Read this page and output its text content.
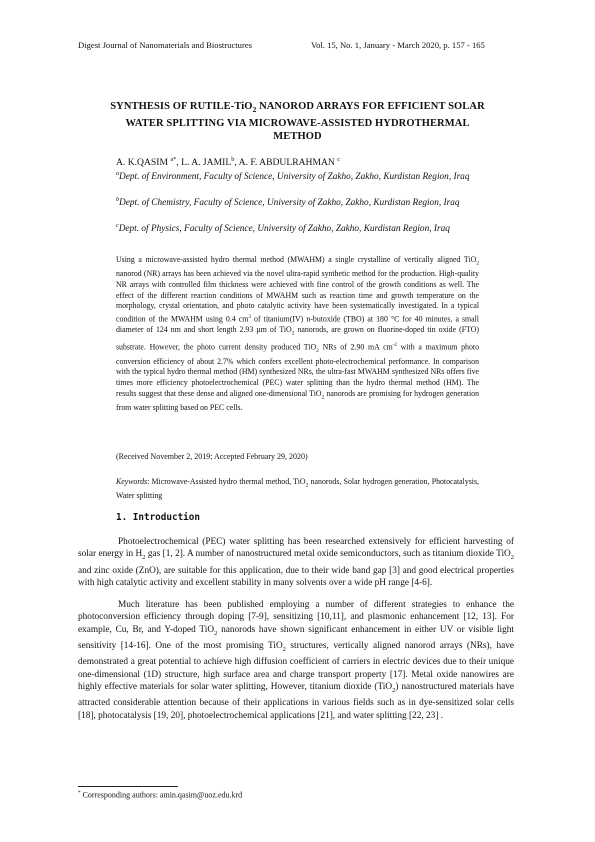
Digest Journal of Nanomaterials and Biostructures	Vol. 15, No. 1, January - March 2020, p. 157 - 165
SYNTHESIS OF RUTILE-TiO$_2$ NANOROD ARRAYS FOR EFFICIENT SOLAR
WATER SPLITTING VIA MICROWAVE-ASSISTED HYDROTHERMAL
METHOD
A. K.QASIM $^{a*}$, L. A. JAMIL$^b$, A. F. ABDULRAHMAN $^c$
$^a$Dept. of Environment, Faculty of Science, University of Zakho, Zakho, Kurdistan Region, Iraq
$^b$Dept. of Chemistry, Faculty of Science, University of Zakho, Zakho, Kurdistan Region, Iraq
$^c$Dept. of Physics, Faculty of Science, University of Zakho, Zakho, Kurdistan Region, Iraq
Using a microwave-assisted hydro thermal method (MWAHM) a single crystalline of vertically aligned TiO$_2$ nanorod (NR) arrays has been achieved via the novel ultra-rapid synthetic method for the production. High-quality NR arrays with controlled film thickness were achieved with fine control of the growth conditions as well. The effect of the different reaction conditions of MWAHM such as reaction time and growth temperature on the morphology, crystal orientation, and photo catalytic activity have been systematically investigated. In a typical condition of the MWAHM using 0.4 $cm^3$ of titanium(IV) n-butoxide (TBO) at 180 °C for 40 minutes, a small diameter of 124 nm and short length 2.93 µm of TiO$_2$ nanorods, are grown on fluorine-doped tin oxide (FTO) substrate. However, the photo current density produced TiO$_2$ NRs of 2.90 mA $cm^{-2}$ with a maximum photo conversion efficiency of about 2.7% which confers excellent photo-electrochemical performance. In comparison with the typical hydro thermal method (HM) synthesized NRs, the ultra-fast MWAHM synthesized NRs offers five times more efficiency photoelectrochemical (PEC) water splitting than the hydro thermal method (HM). The results suggest that these dense and aligned one-dimensional TiO$_2$ nanorods are promising for hydrogen generation from water splitting based on PEC cells.
(Received November 2, 2019; Accepted February 29, 2020)
Keywords: Microwave-Assisted hydro thermal method, TiO$_2$ nanorods, Solar hydrogen generation, Photocatalysis, Water splitting
1. Introduction
Photoelectrochemical (PEC) water splitting has been researched extensively for efficient harvesting of solar energy in $H_2$ gas [1, 2]. A number of nanostructured metal oxide semiconductors, such as titanium dioxide TiO$_2$ and zinc oxide (ZnO), are suitable for this application, due to their wide band gap [3] and good electrical properties with high catalytic activity and excellent stability in many solvents over a wide pH range [4-6].
Much literature has been published employing a number of different strategies to enhance the photoconversion efficiency through doping [7-9], sensitizing [10,11], and plasmonic enhancement [12, 13]. For example, Cu, Br, and Y-doped TiO$_2$ nanorods have shown significant enhancement in either UV or visible light sensitivity [14-16]. One of the most promising TiO$_2$ structures, vertically aligned nanorod arrays (NRs), have demonstrated a great potential to achieve high diffusion coefficient of carriers in electric devices due to their unique one-dimensional (1D) structure, high surface area and charge transport property [17]. Metal oxide nanowires are highly effective materials for solar water splitting, However, titanium dioxide (TiO$_2$) nanostructured materials have attracted considerable attention because of their applications in various fields such as in dye-sensitized solar cells [18], photocatalysis [19, 20], photoelectrochemical applications [21], and water splitting [22, 23] .
* Corresponding authors: amin.qasim@uoz.edu.krd
